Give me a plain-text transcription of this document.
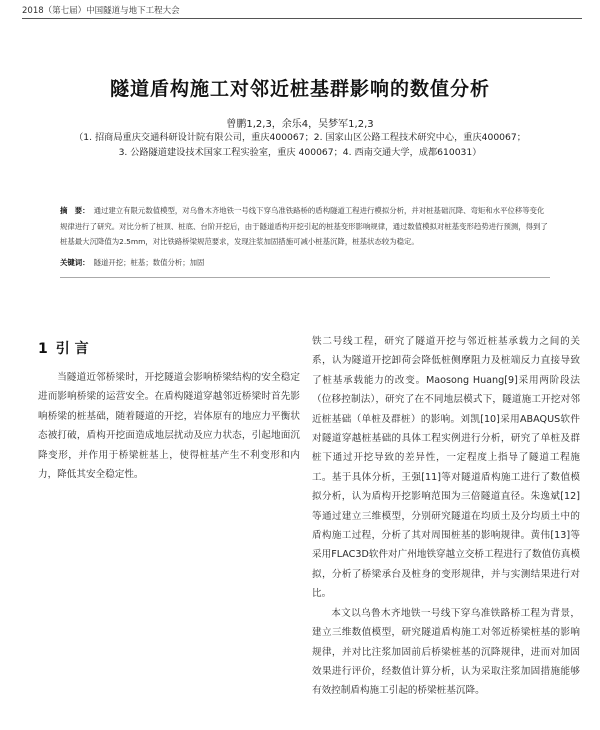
2018（第七届）中国隧道与地下工程大会
隧道盾构施工对邻近桩基群影响的数值分析
曾鹏1,2,3，余乐4，吴梦军1,2,3
（1. 招商局重庆交通科研设计院有限公司，重庆400067；2. 国家山区公路工程技术研究中心，重庆400067；3. 公路隧道建设技术国家工程实验室，重庆 400067；4. 西南交通大学，成都610031）
摘　要： 通过建立有限元数值模型，对乌鲁木齐地铁一号线下穿乌准铁路桥的盾构隧道工程进行模拟分析，并对桩基础沉降、弯矩和水平位移等变化规律进行了研究。对比分析了桩顶、桩底、台阶开挖后，由于隧道盾构开挖引起的桩基变形影响规律，通过数值模拟对桩基变形趋势进行预测，得到了桩基最大沉降值为2.5mm，对比铁路桥梁规范要求，发现注浆加固措施可减小桩基沉降，桩基状态较为稳定。
关键词： 隧道开挖；桩基；数值分析；加固
1 引 言

当隧道近邻桥梁时，开挖隧道会影响桥梁结构的安全稳定进而影响桥梁的运营安全。在盾构隧道穿越邻近桥梁时首先影响桥梁的桩基础，随着隧道的开挖，岩体原有的地应力平衡状态被打破，盾构开挖面造成地层扰动及应力状态，引起地面沉降变形，并作用于桥梁桩基上，使得桩基产生不利变形和内力，降低其安全稳定性。

铁二号线工程，研究了隧道开挖与邻近桩基承载力之间的关系，认为隧道开挖卸荷会降低桩侧摩阻力及桩端反力直接导致了桩基承载能力的改变。Maosong Huang[9]采用两阶段法（位移控制法），研究了在不同地层模式下，隧道施工开挖对邻近桩基础（单桩及群桩）的影响。刘凯[10]采用ABAQUS软件对隧道穿越桩基础的具体工程实例进行分析，研究了单桩及群桩下通过开挖导致的差异性，一定程度上指导了隧道工程施工。基于具体分析，王强[11]等对隧道盾构施工进行了数值模拟分析，认为盾构开挖影响范围为三倍隧道直径。朱逸斌[12]等通过建立三维模型，分别研究隧道在均质土及分均质土中的盾构施工过程，分析了其对周围桩基的影响规律。黄伟[13]等采用FLAC3D软件对广州地铁穿越立交桥工程进行了数值仿真模拟，分析了桥梁承台及桩身的变形规律，并与实测结果进行对比。

本文以乌鲁木齐地铁一号线下穿乌准铁路桥工程为背景，建立三维数值模型，研究隧道盾构施工对邻近桥梁桩基的影响规律，并对比注浆加固前后桥梁桩基的沉降规律，进而对加固效果进行评价，经数值计算分析，认为采取注浆加固措施能够有效控制盾构施工引起的桥梁桩基沉降。
